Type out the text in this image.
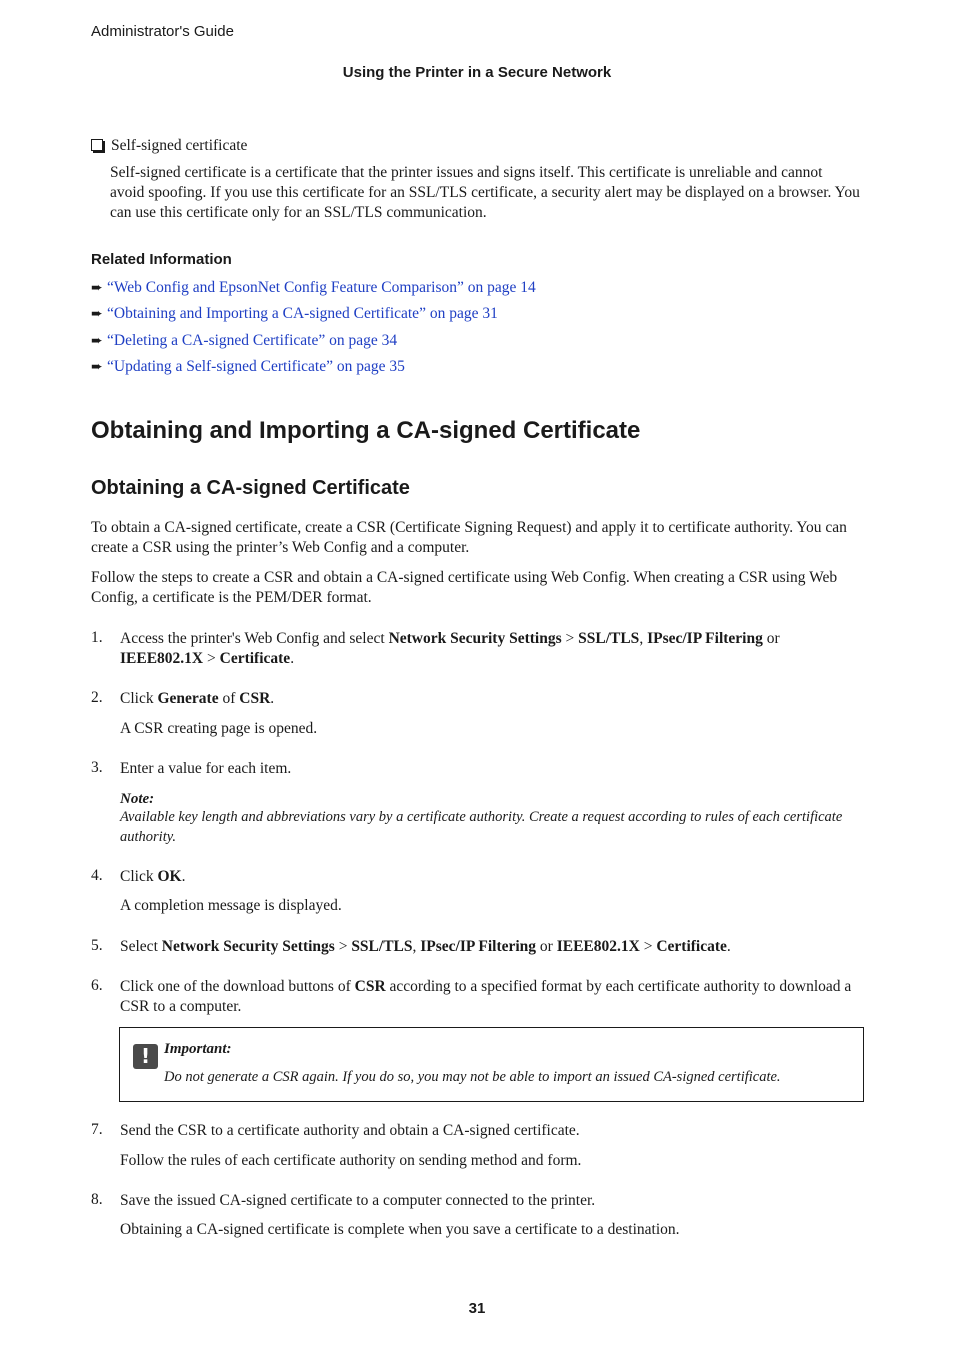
Administrator's Guide
Using the Printer in a Secure Network
Self-signed certificate
Self-signed certificate is a certificate that the printer issues and signs itself. This certificate is unreliable and cannot avoid spoofing. If you use this certificate for an SSL/TLS certificate, a security alert may be displayed on a browser. You can use this certificate only for an SSL/TLS communication.
Related Information
➨ “Web Config and EpsonNet Config Feature Comparison” on page 14
➨ “Obtaining and Importing a CA-signed Certificate” on page 31
➨ “Deleting a CA-signed Certificate” on page 34
➨ “Updating a Self-signed Certificate” on page 35
Obtaining and Importing a CA-signed Certificate
Obtaining a CA-signed Certificate
To obtain a CA-signed certificate, create a CSR (Certificate Signing Request) and apply it to certificate authority. You can create a CSR using the printer’s Web Config and a computer.
Follow the steps to create a CSR and obtain a CA-signed certificate using Web Config. When creating a CSR using Web Config, a certificate is the PEM/DER format.
1. Access the printer's Web Config and select Network Security Settings > SSL/TLS, IPsec/IP Filtering or IEEE802.1X > Certificate.
2. Click Generate of CSR.
A CSR creating page is opened.
3. Enter a value for each item.
Note:
Available key length and abbreviations vary by a certificate authority. Create a request according to rules of each certificate authority.
4. Click OK.
A completion message is displayed.
5. Select Network Security Settings > SSL/TLS, IPsec/IP Filtering or IEEE802.1X > Certificate.
6. Click one of the download buttons of CSR according to a specified format by each certificate authority to download a CSR to a computer.
! Important:
Do not generate a CSR again. If you do so, you may not be able to import an issued CA-signed certificate.
7. Send the CSR to a certificate authority and obtain a CA-signed certificate.
Follow the rules of each certificate authority on sending method and form.
8. Save the issued CA-signed certificate to a computer connected to the printer.
Obtaining a CA-signed certificate is complete when you save a certificate to a destination.
31
